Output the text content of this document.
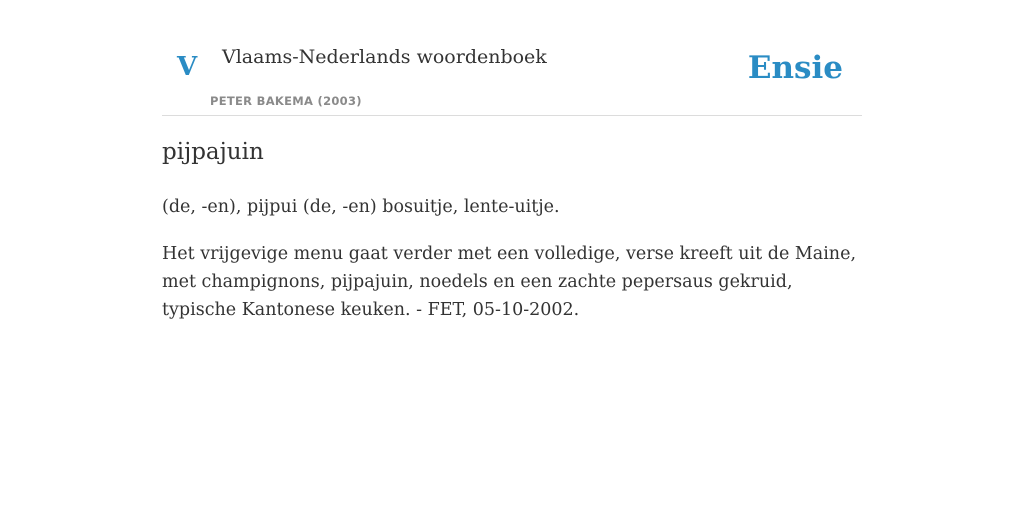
V Vlaams-Nederlands woordenboek
PETER BAKEMA (2003)
Ensie
pijpajuin

(de, -en), pijpui (de, -en) bosuitje, lente-uitje.

Het vrijgevige menu gaat verder met een volledige, verse kreeft uit de Maine, met champignons, pijpajuin, noedels en een zachte pepersaus gekruid, typische Kantonese keuken. - FET, 05-10-2002.
